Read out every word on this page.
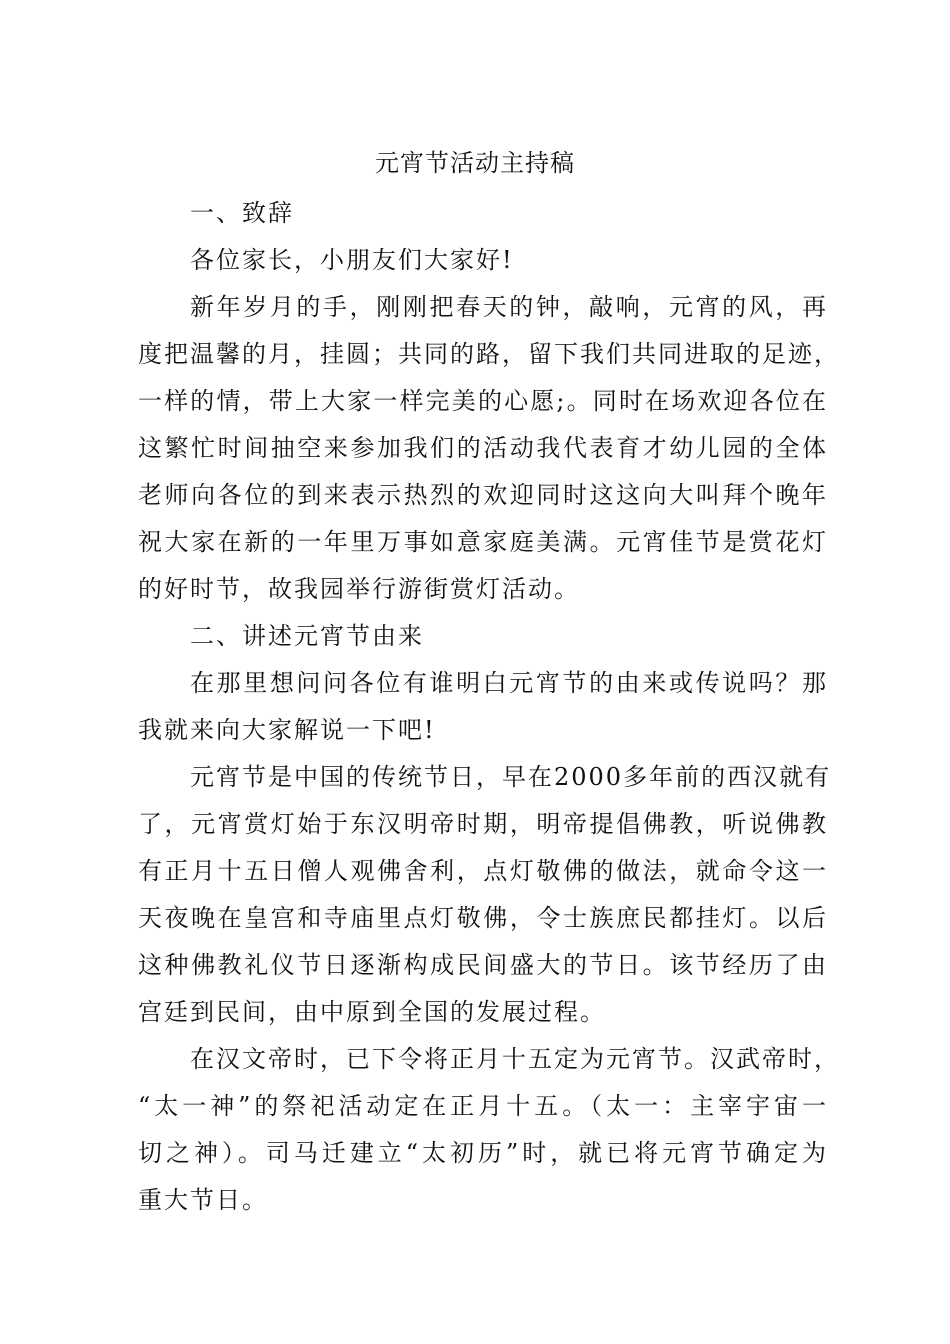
元宵节活动主持稿

一、致辞

各位家长，小朋友们大家好!

新年岁月的手，刚刚把春天的钟，敲响，元宵的风，再
度把温馨的月，挂圆；共同的路，留下我们共同进取的足迹，
一样的情，带上大家一样完美的心愿;。同时在场欢迎各位在
这繁忙时间抽空来参加我们的活动我代表育才幼儿园的全体
老师向各位的到来表示热烈的欢迎同时这这向大叫拜个晚年
祝大家在新的一年里万事如意家庭美满。元宵佳节是赏花灯
的好时节，故我园举行游街赏灯活动。

二、讲述元宵节由来

在那里想问问各位有谁明白元宵节的由来或传说吗？那
我就来向大家解说一下吧!

元宵节是中国的传统节日，早在2000多年前的西汉就有
了，元宵赏灯始于东汉明帝时期，明帝提倡佛教，听说佛教
有正月十五日僧人观佛舍利，点灯敬佛的做法，就命令这一
天夜晚在皇宫和寺庙里点灯敬佛，令士族庶民都挂灯。以后
这种佛教礼仪节日逐渐构成民间盛大的节日。该节经历了由
宫廷到民间，由中原到全国的发展过程。

在汉文帝时，已下令将正月十五定为元宵节。汉武帝时，
“太一神”的祭祀活动定在正月十五。（太一：主宰宇宙一
切之神）。司马迁建立“太初历”时，就已将元宵节确定为
重大节日。
